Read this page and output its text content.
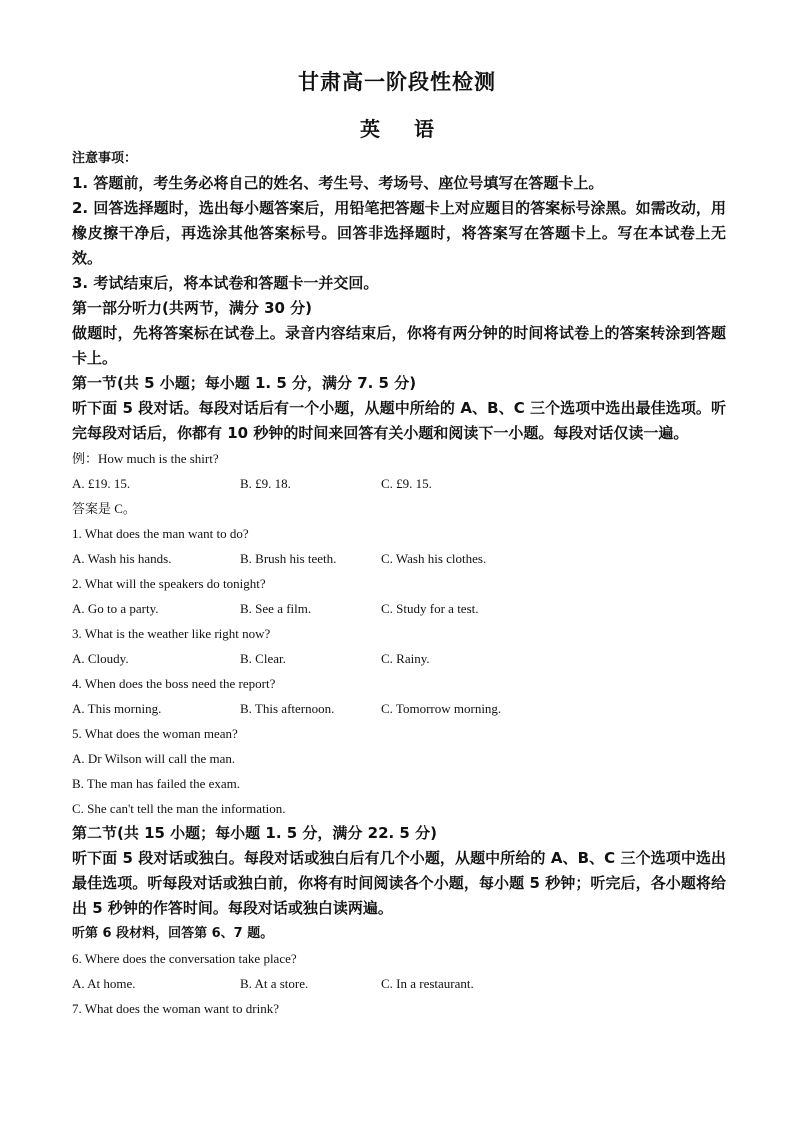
甘肃高一阶段性检测
英语

注意事项：

1. 答题前，考生务必将自己的姓名、考生号、考场号、座位号填写在答题卡上。

2. 回答选择题时，选出每小题答案后，用铅笔把答题卡上对应题目的答案标号涂黑。如需改动，用橡皮擦干净后，再选涂其他答案标号。回答非选择题时，将答案写在答题卡上。写在本试卷上无效。

3. 考试结束后，将本试卷和答题卡一并交回。

第一部分听力(共两节，满分 30 分)

做题时，先将答案标在试卷上。录音内容结束后，你将有两分钟的时间将试卷上的答案转涂到答题卡上。

第一节(共 5 小题；每小题 1. 5 分，满分 7. 5 分)

听下面 5 段对话。每段对话后有一个小题，从题中所给的 A、B、C 三个选项中选出最佳选项。听完每段对话后，你都有 10 秒钟的时间来回答有关小题和阅读下一小题。每段对话仅读一遍。

例：How much is the shirt?

A. £19. 15.	B. £9. 18.	C. £9. 15.

答案是 C。

1. What does the man want to do?

A. Wash his hands.	B. Brush his teeth.	C. Wash his clothes.

2. What will the speakers do tonight?

A. Go to a party.	B. See a film.	C. Study for a test.

3. What is the weather like right now?

A. Cloudy.	B. Clear.	C. Rainy.

4. When does the boss need the report?

A. This morning.	B. This afternoon.	C. Tomorrow morning.

5. What does the woman mean?

A. Dr Wilson will call the man.

B. The man has failed the exam.

C. She can't tell the man the information.

第二节(共 15 小题；每小题 1. 5 分，满分 22. 5 分)

听下面 5 段对话或独白。每段对话或独白后有几个小题，从题中所给的 A、B、C 三个选项中选出最佳选项。听每段对话或独白前，你将有时间阅读各个小题，每小题 5 秒钟；听完后，各小题将给出 5 秒钟的作答时间。每段对话或独白读两遍。

听第 6 段材料，回答第 6、7 题。

6. Where does the conversation take place?

A. At home.	B. At a store.	C. In a restaurant.

7. What does the woman want to drink?
